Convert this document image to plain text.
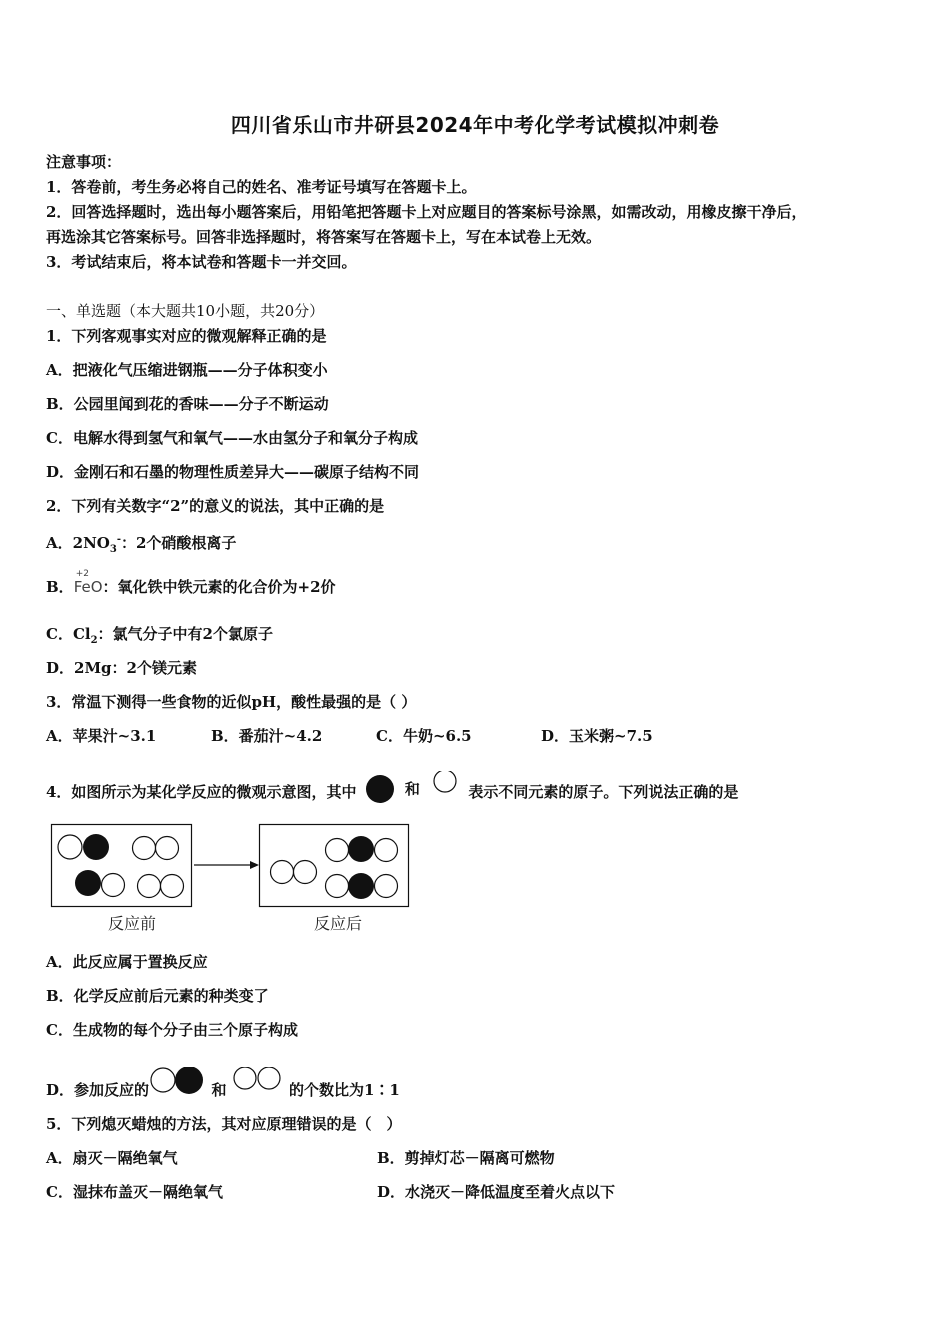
四川省乐山市井研县2024年中考化学考试模拟冲刺卷
注意事项：
1．答卷前，考生务必将自己的姓名、准考证号填写在答题卡上。
2．回答选择题时，选出每小题答案后，用铅笔把答题卡上对应题目的答案标号涂黑，如需改动，用橡皮擦干净后，
再选涂其它答案标号。回答非选择题时，将答案写在答题卡上，写在本试卷上无效。
3．考试结束后，将本试卷和答题卡一并交回。
一、单选题（本大题共10小题，共20分）
1．下列客观事实对应的微观解释正确的是
A．把液化气压缩进钢瓶——分子体积变小
B．公园里闻到花的香味——分子不断运动
C．电解水得到氢气和氧气——水由氢分子和氧分子构成
D．金刚石和石墨的物理性质差异大——碳原子结构不同
2．下列有关数字“2”的意义的说法，其中正确的是
A．$2NO_3^-$：2个硝酸根离子
B．
+2
FeO：氧化铁中铁元素的化合价为+2价
C．$Cl_2$：氯气分子中有2个氯原子
D．2Mg：2个镁元素
3．常温下测得一些食物的近似pH，酸性最强的是（ ）
A．苹果汁~3.1	B．番茄汁~4.2	C．牛奶~6.5	D．玉米粥~7.5
4．如图所示为某化学反应的微观示意图，其中	和	表示不同元素的原子。下列说法正确的是
反应前	反应后
A．此反应属于置换反应
B．化学反应前后元素的种类变了
C．生成物的每个分子由三个原子构成
D．参加反应的	和	的个数比为1∶1
5．下列熄灭蜡烛的方法，其对应原理错误的是（　）
A．扇灭－隔绝氧气	B．剪掉灯芯－隔离可燃物
C．湿抹布盖灭－隔绝氧气	D．水浇灭－降低温度至着火点以下
